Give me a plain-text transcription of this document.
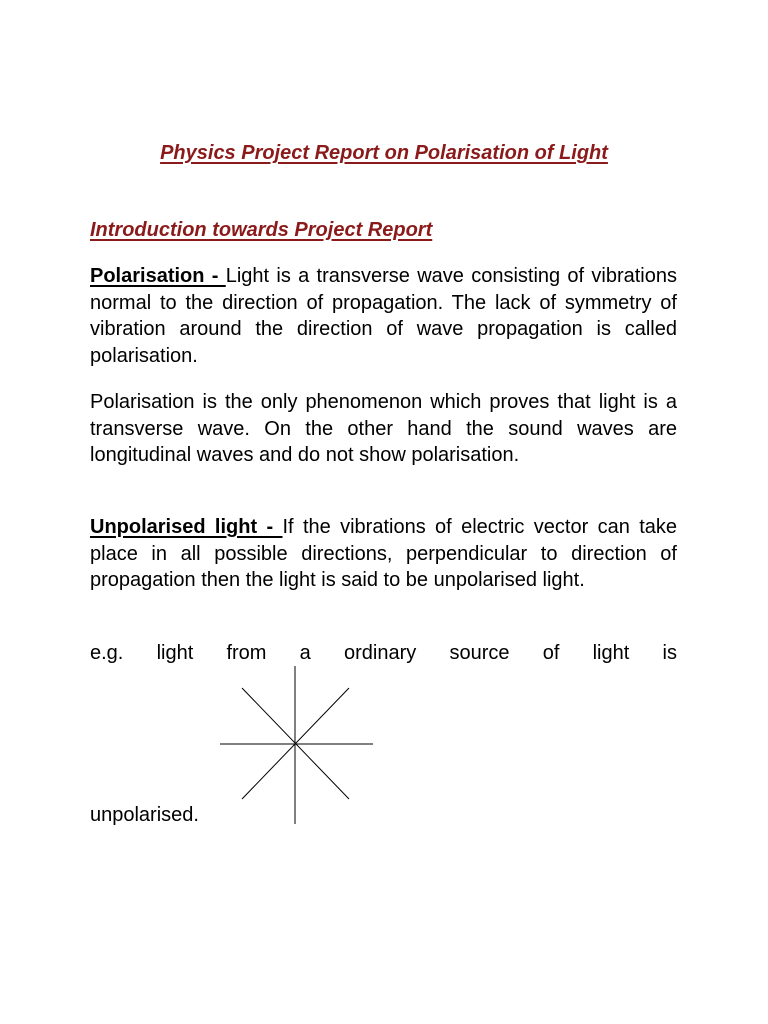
Physics Project Report on Polarisation of Light
Introduction towards Project Report
Polarisation - Light is a transverse wave consisting of vibrations normal to the direction of propagation. The lack of symmetry of vibration around the direction of wave propagation is called polarisation.
Polarisation is the only phenomenon which proves that light is a transverse wave. On the other hand the sound waves are longitudinal waves and do not show polarisation.
Unpolarised light - If the vibrations of electric vector can take place in all possible directions, perpendicular to direction of propagation then the light is said to be unpolarised light.
e.g. light from a ordinary source of light is
unpolarised.
